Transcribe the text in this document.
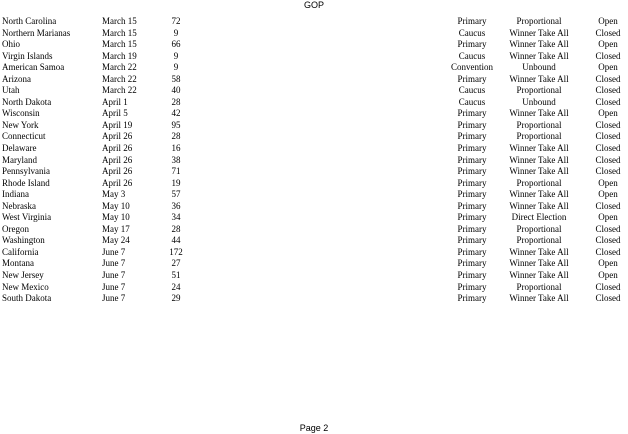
GOP
North Carolina	March 15	72	Primary	Proportional	Open
Northern Marianas	March 15	9	Caucus	Winner Take All	Closed
Ohio	March 15	66	Primary	Winner Take All	Open
Virgin Islands	March 19	9	Caucus	Winner Take All	Closed
American Samoa	March 22	9	Convention	Unbound	Open
Arizona	March 22	58	Primary	Winner Take All	Closed
Utah	March 22	40	Caucus	Proportional	Closed
North Dakota	April 1	28	Caucus	Unbound	Closed
Wisconsin	April 5	42	Primary	Winner Take All	Open
New York	April 19	95	Primary	Proportional	Closed
Connecticut	April 26	28	Primary	Proportional	Closed
Delaware	April 26	16	Primary	Winner Take All	Closed
Maryland	April 26	38	Primary	Winner Take All	Closed
Pennsylvania	April 26	71	Primary	Winner Take All	Closed
Rhode Island	April 26	19	Primary	Proportional	Open
Indiana	May 3	57	Primary	Winner Take All	Open
Nebraska	May 10	36	Primary	Winner Take All	Closed
West Virginia	May 10	34	Primary	Direct Election	Open
Oregon	May 17	28	Primary	Proportional	Closed
Washington	May 24	44	Primary	Proportional	Closed
California	June 7	172	Primary	Winner Take All	Closed
Montana	June 7	27	Primary	Winner Take All	Open
New Jersey	June 7	51	Primary	Winner Take All	Open
New Mexico	June 7	24	Primary	Proportional	Closed
South Dakota	June 7	29	Primary	Winner Take All	Closed
Page 2
